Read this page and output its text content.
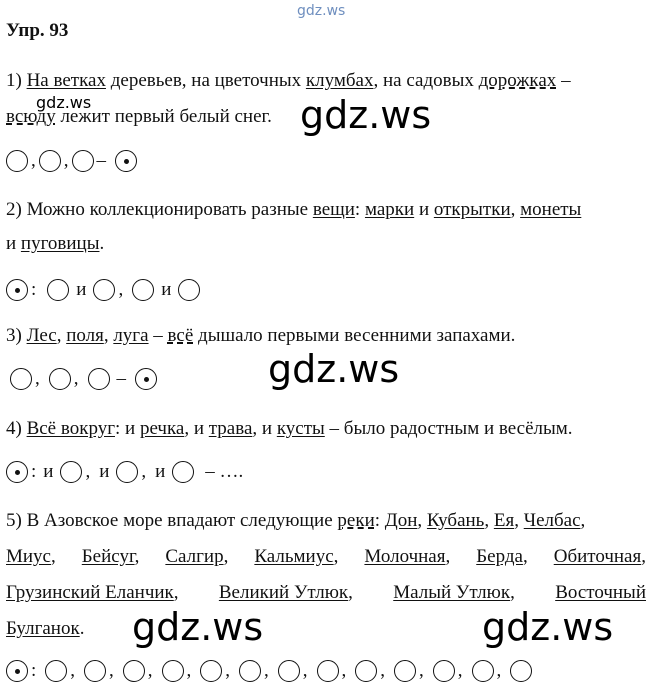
gdz.ws
gdz.ws	gdz.ws
gdz.ws
gdz.ws	gdz.ws
Упр. 93
1) На ветках деревьев, на цветочных клумбах, на садовых дорожках –
всюду лежит первый белый снег.
, , –
2) Можно коллекционировать разные вещи: марки и открытки, монеты
и пуговицы.
: и , и
3) Лес, поля, луга – всё дышало первыми весенними запахами.
, , –
4) Всё вокруг: и речка, и трава, и кусты – было радостным и весёлым.
: и , и , и – ….
5) В Азовское море впадают следующие реки: Дон, Кубань, Ея, Челбас,
Миус, Бейсуг, Салгир, Кальмиус, Молочная, Берда, Обиточная,
Грузинский Еланчик, Великий Утлюк, Малый Утлюк, Восточный
Булганок.
: , , , , , , , , , , , ,
